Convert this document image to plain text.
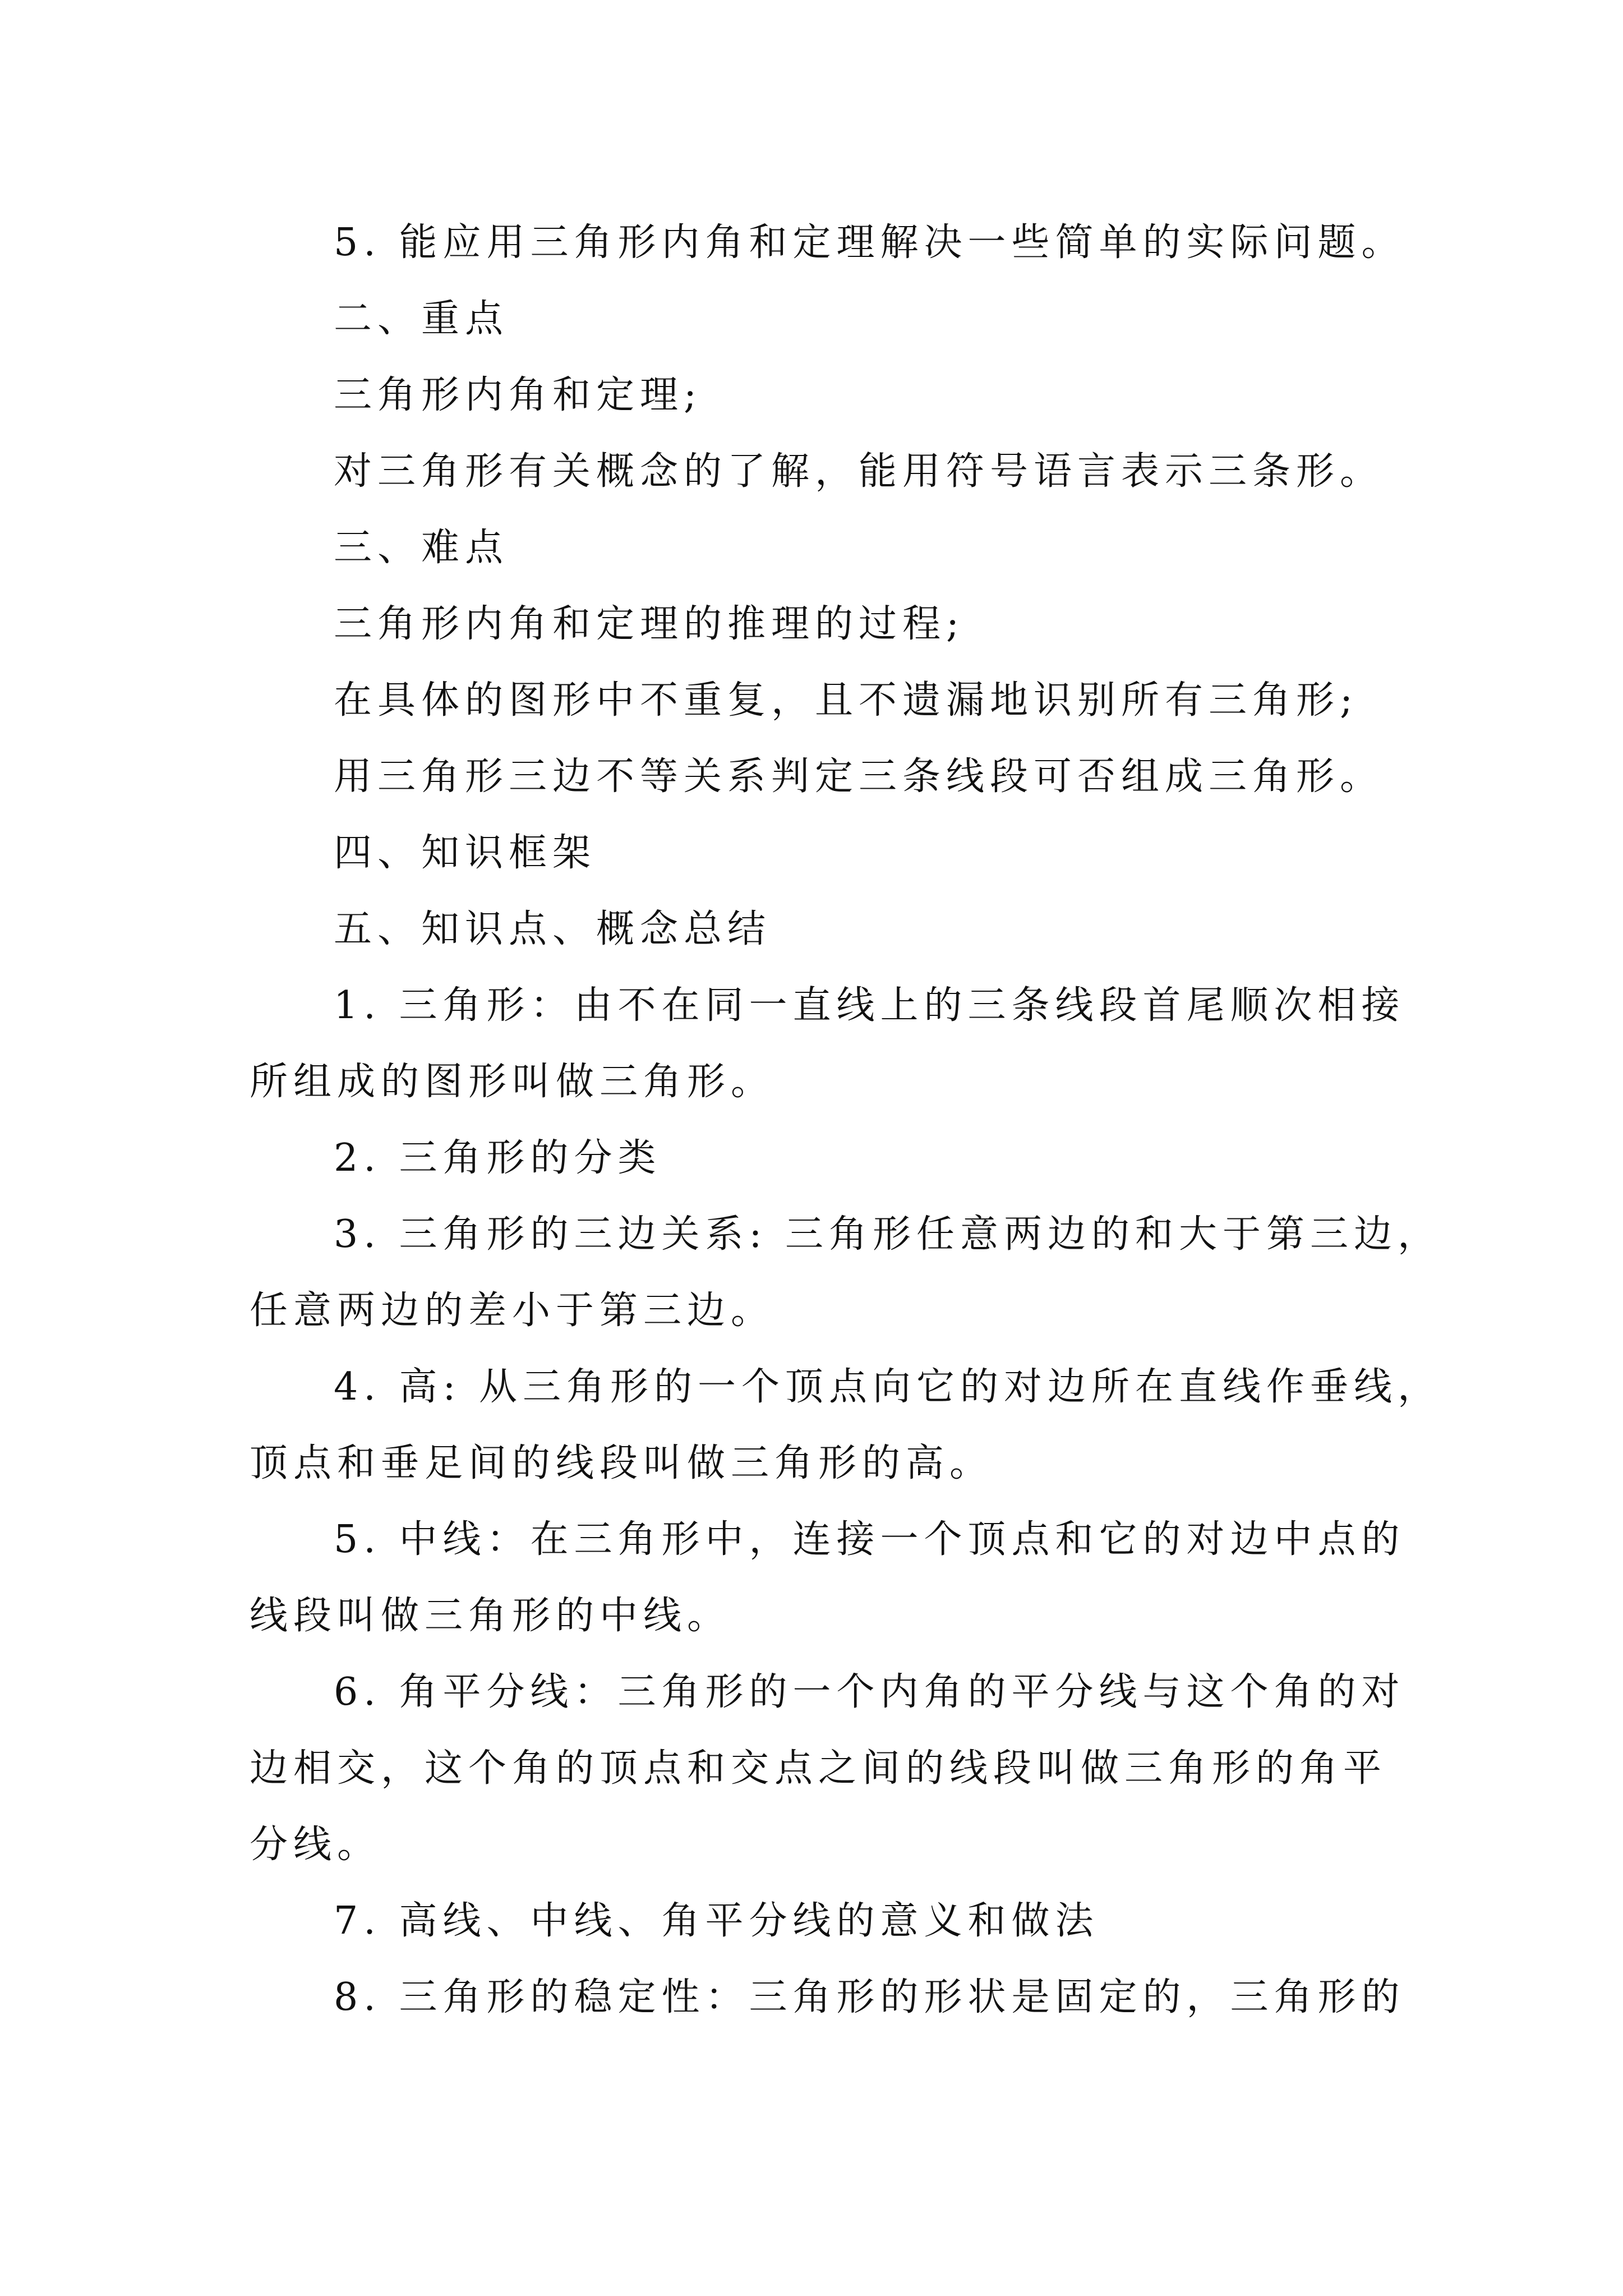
5. 能应用三角形内角和定理解决一些简单的实际问题。

二、重点

三角形内角和定理;

对三角形有关概念的了解，能用符号语言表示三条形。

三、难点

三角形内角和定理的推理的过程;

在具体的图形中不重复，且不遗漏地识别所有三角形;

用三角形三边不等关系判定三条线段可否组成三角形。

四、知识框架

五、知识点、概念总结

1. 三角形：由不在同一直线上的三条线段首尾顺次相接

所组成的图形叫做三角形。

2. 三角形的分类

3. 三角形的三边关系: 三角形任意两边的和大于第三边，

任意两边的差小于第三边。

4. 高: 从三角形的一个顶点向它的对边所在直线作垂线，

顶点和垂足间的线段叫做三角形的高。

5. 中线：在三角形中，连接一个顶点和它的对边中点的

线段叫做三角形的中线。

6. 角平分线：三角形的一个内角的平分线与这个角的对

边相交，这个角的顶点和交点之间的线段叫做三角形的角平

分线。

7. 高线、中线、角平分线的意义和做法

8. 三角形的稳定性：三角形的形状是固定的，三角形的
